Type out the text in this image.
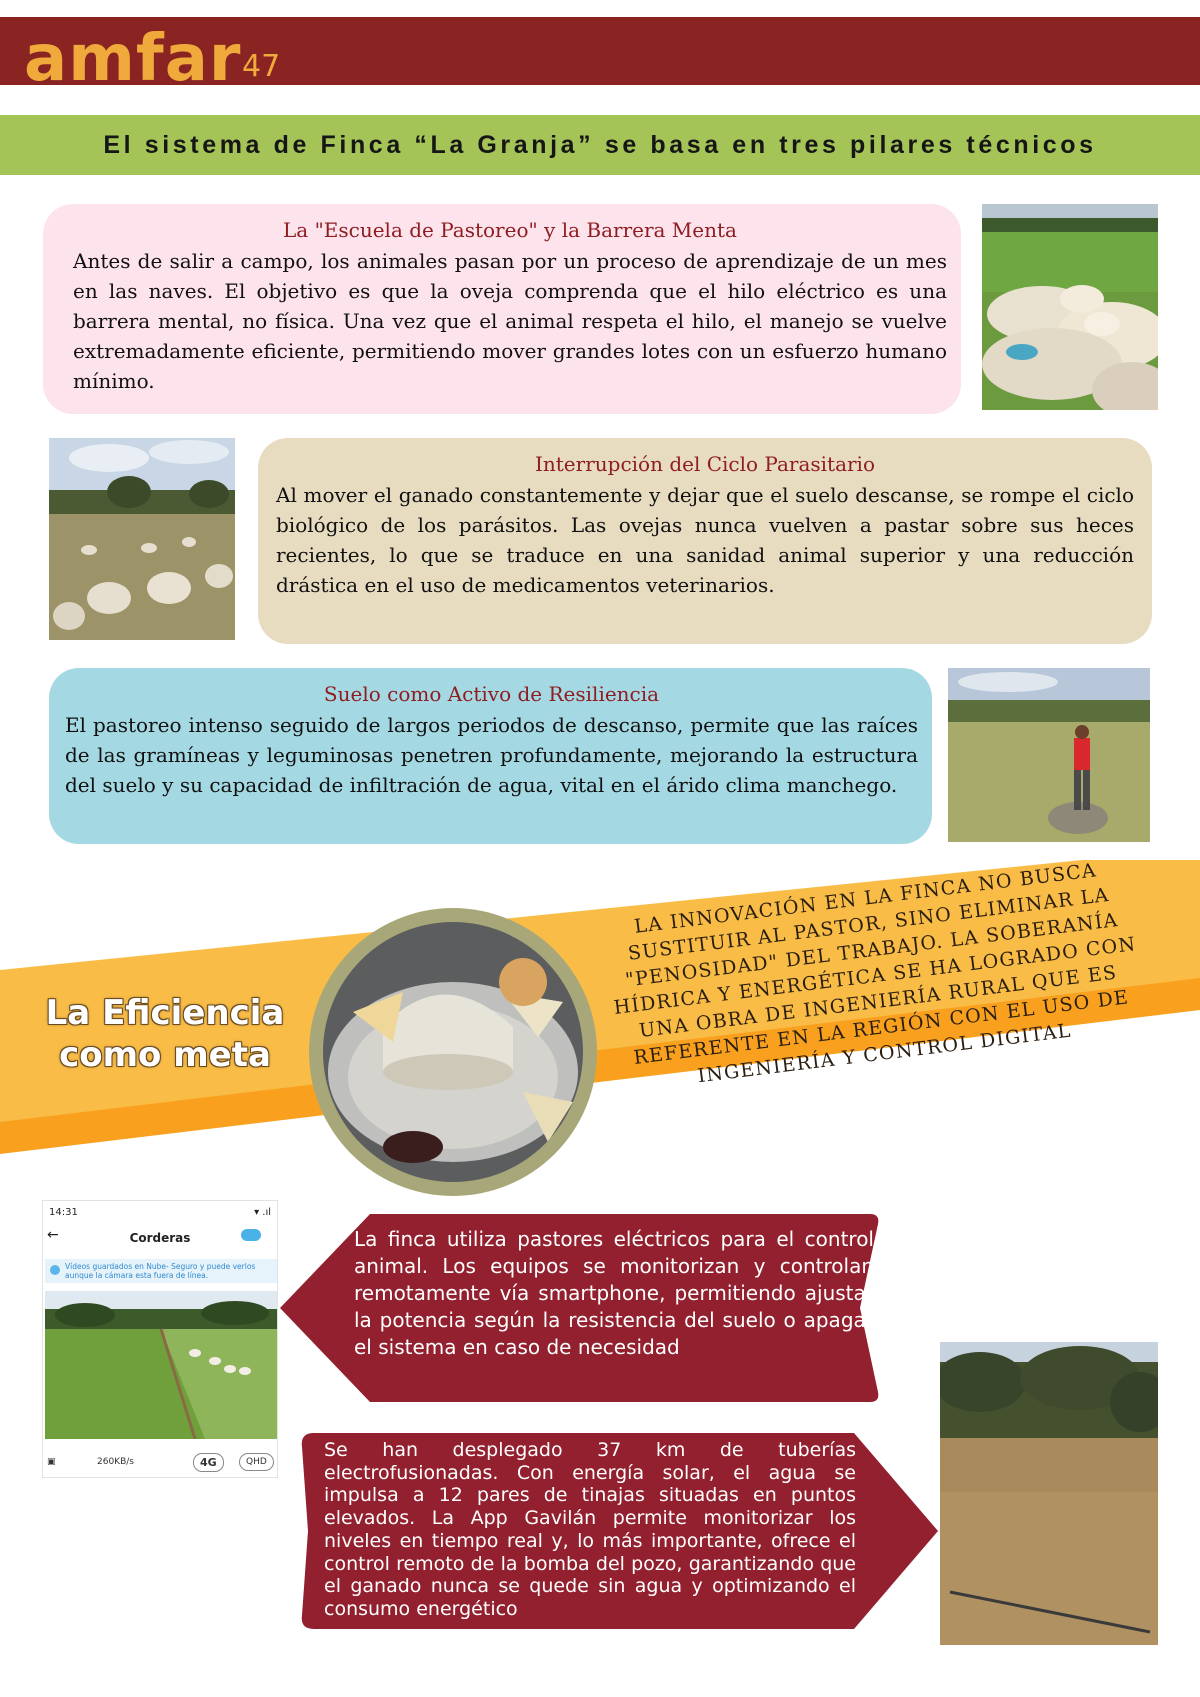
amfar 47
El sistema de Finca “La Granja” se basa en tres pilares técnicos
La "Escuela de Pastoreo" y la Barrera Menta

Antes de salir a campo, los animales pasan por un proceso de aprendizaje de un mes en las naves. El objetivo es que la oveja comprenda que el hilo eléctrico es una barrera mental, no física. Una vez que el animal respeta el hilo, el manejo se vuelve extremadamente eficiente, permitiendo mover grandes lotes con un esfuerzo humano mínimo.

Interrupción del Ciclo Parasitario

Al mover el ganado constantemente y dejar que el suelo descanse, se rompe el ciclo biológico de los parásitos. Las ovejas nunca vuelven a pastar sobre sus heces recientes, lo que se traduce en una sanidad animal superior y una reducción drástica en el uso de medicamentos veterinarios.

Suelo como Activo de Resiliencia

El pastoreo intenso seguido de largos periodos de descanso, permite que las raíces de las gramíneas y leguminosas penetren profundamente, mejorando la estructura del suelo y su capacidad de infiltración de agua, vital en el árido clima manchego.

LA INNOVACIÓN EN LA FINCA NO BUSCA SUSTITUIR AL PASTOR, SINO ELIMINAR LA "PENOSIDAD" DEL TRABAJO. LA SOBERANÍA HÍDRICA Y ENERGÉTICA SE HA LOGRADO CON UNA OBRA DE INGENIERÍA RURAL QUE ES REFERENTE EN LA REGIÓN CON EL USO DE INGENIERÍA Y CONTROL DIGITAL
La Eficiencia
como meta
14:31	▾ .ıl
←	Corderas
Vídeos guardados en Nube- Seguro y puede verlos aunque la cámara esta fuera de línea.
▣	260KB/s	4G	QHD
La finca utiliza pastores eléctricos para el control animal. Los equipos se monitorizan y controlan remotamente vía smartphone, permitiendo ajustar la potencia según la resistencia del suelo o apagar el sistema en caso de necesidad
Se han desplegado 37 km de tuberías electrofusionadas. Con energía solar, el agua se impulsa a 12 pares de tinajas situadas en puntos elevados. La App Gavilán permite monitorizar los niveles en tiempo real y, lo más importante, ofrece el control remoto de la bomba del pozo, garantizando que el ganado nunca se quede sin agua y optimizando el consumo energético
